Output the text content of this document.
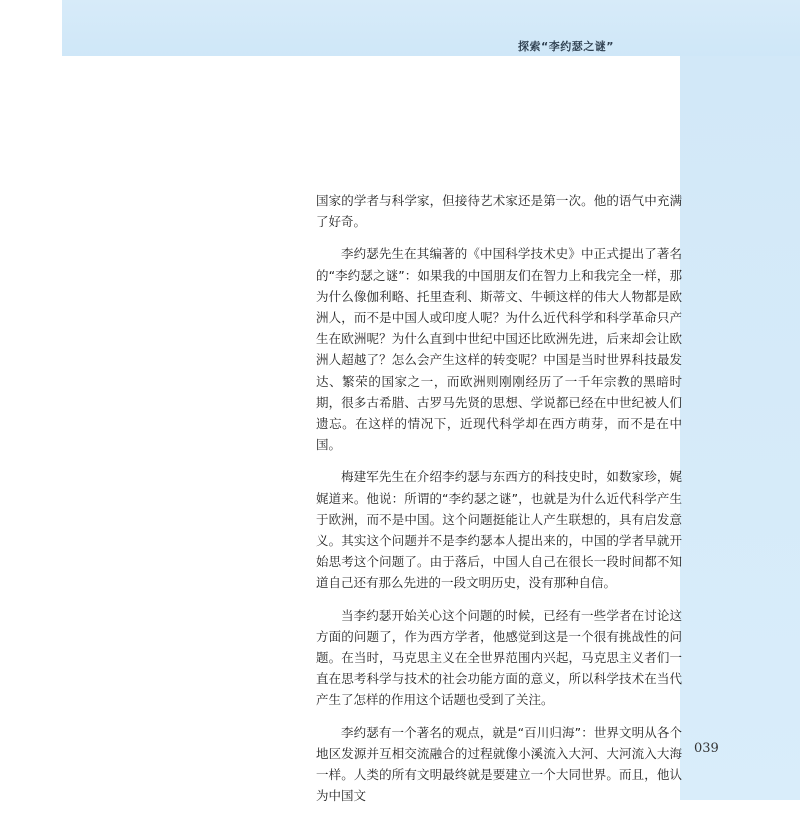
探索“李约瑟之谜”

国家的学者与科学家，但接待艺术家还是第一次。他的语气中充满了好奇。

李约瑟先生在其编著的《中国科学技术史》中正式提出了著名的“李约瑟之谜”：如果我的中国朋友们在智力上和我完全一样，那为什么像伽利略、托里查利、斯蒂文、牛顿这样的伟大人物都是欧洲人，而不是中国人或印度人呢？为什么近代科学和科学革命只产生在欧洲呢？为什么直到中世纪中国还比欧洲先进，后来却会让欧洲人超越了？怎么会产生这样的转变呢？中国是当时世界科技最发达、繁荣的国家之一，而欧洲则刚刚经历了一千年宗教的黑暗时期，很多古希腊、古罗马先贤的思想、学说都已经在中世纪被人们遗忘。在这样的情况下，近现代科学却在西方萌芽，而不是在中国。

梅建军先生在介绍李约瑟与东西方的科技史时，如数家珍，娓娓道来。他说：所谓的“李约瑟之谜”，也就是为什么近代科学产生于欧洲，而不是中国。这个问题挺能让人产生联想的，具有启发意义。其实这个问题并不是李约瑟本人提出来的，中国的学者早就开始思考这个问题了。由于落后，中国人自己在很长一段时间都不知道自己还有那么先进的一段文明历史，没有那种自信。

当李约瑟开始关心这个问题的时候，已经有一些学者在讨论这方面的问题了，作为西方学者，他感觉到这是一个很有挑战性的问题。在当时，马克思主义在全世界范围内兴起，马克思主义者们一直在思考科学与技术的社会功能方面的意义，所以科学技术在当代产生了怎样的作用这个话题也受到了关注。

李约瑟有一个著名的观点，就是“百川归海”：世界文明从各个地区发源并互相交流融合的过程就像小溪流入大河、大河流入大海一样。人类的所有文明最终就是要建立一个大同世界。而且，他认为中国文

039
